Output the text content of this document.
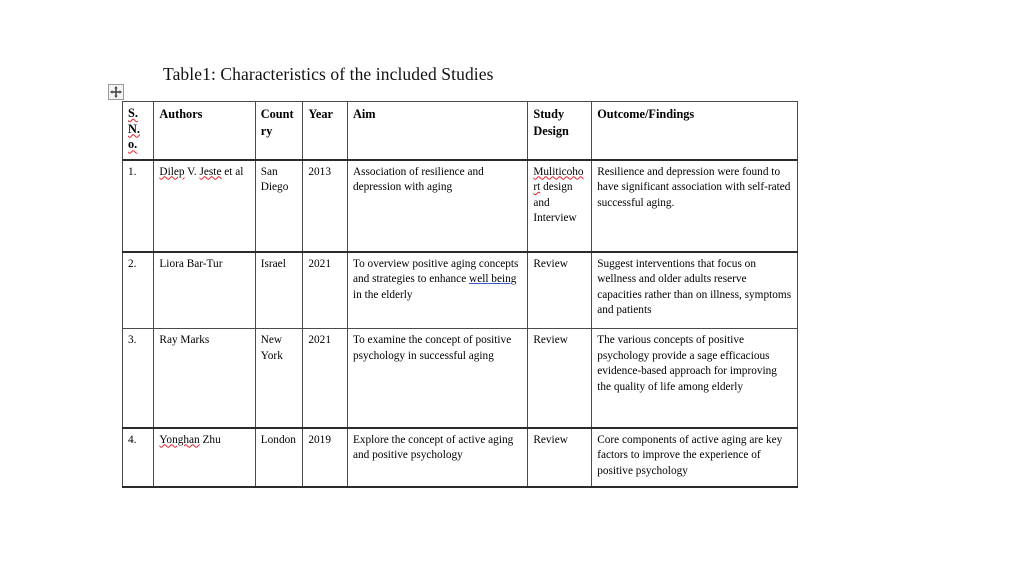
Table1: Characteristics of the included Studies
S.
N.
o.	Authors	Country	Year	Aim	Study Design	Outcome/Findings
1.	Dilep V. Jeste et al	San Diego	2013	Association of resilience and depression with aging	Muliticohort design and Interview	Resilience and depression were found to have significant association with self-rated successful aging.
2.	Liora Bar-Tur	Israel	2021	To overview positive aging concepts and strategies to enhance well being in the elderly	Review	Suggest interventions that focus on wellness and older adults reserve capacities rather than on illness, symptoms and patients
3.	Ray Marks	New York	2021	To examine the concept of positive psychology in successful aging	Review	The various concepts of positive psychology provide a sage efficacious evidence-based approach for improving the quality of life among elderly
4.	Yonghan Zhu	London	2019	Explore the concept of active aging and positive psychology	Review	Core components of active aging are key factors to improve the experience of positive psychology
